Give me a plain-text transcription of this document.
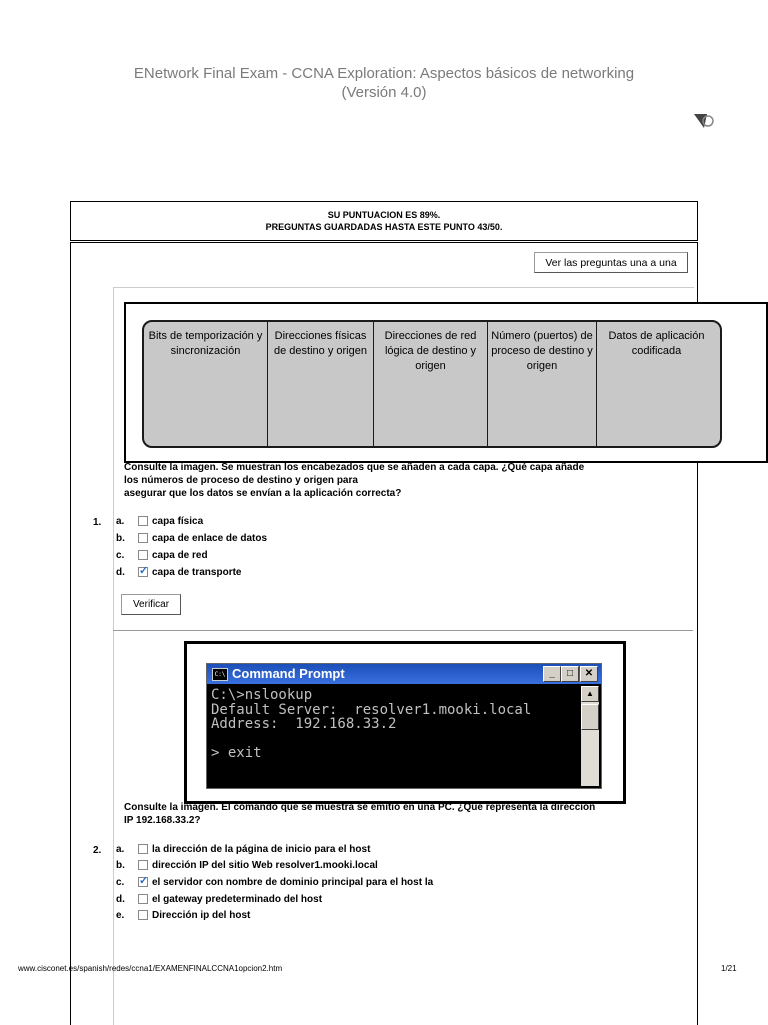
ENetwork Final Exam - CCNA Exploration: Aspectos básicos de networking
(Versión 4.0)
SU PUNTUACION ES 89%.
PREGUNTAS GUARDADAS HASTA ESTE PUNTO 43/50.
Ver las preguntas una a una
Bits de temporización y sincronización
Direcciones físicas de destino y origen
Direcciones de red lógica de destino y origen
Número (puertos) de proceso de destino y origen
Datos de aplicación codificada
Consulte la imagen. Se muestran los encabezados que se añaden a cada capa. ¿Qué capa añade
los números de proceso de destino y origen para
asegurar que los datos se envían a la aplicación correcta?
1. a.	capa física
b.	capa de enlace de datos
c.	capa de red
d. ✓ capa de transporte
Verificar
C:\ Command Prompt	_	□	✕
C:\>nslookup
Default Server:  resolver1.mooki.local
Address:  192.168.33.2
> exit
▲
Consulte la imagen. El comando que se muestra se emitió en una PC. ¿Qué representa la dirección
IP 192.168.33.2?
2. a.	la dirección de la página de inicio para el host
b.	dirección IP del sitio Web resolver1.mooki.local
c. ✓ el servidor con nombre de dominio principal para el host la
d.	el gateway predeterminado del host
e.	Dirección ip del host
www.cisconet.es/spanish/redes/ccna1/EXAMENFINALCCNA1opcion2.htm	1/21
